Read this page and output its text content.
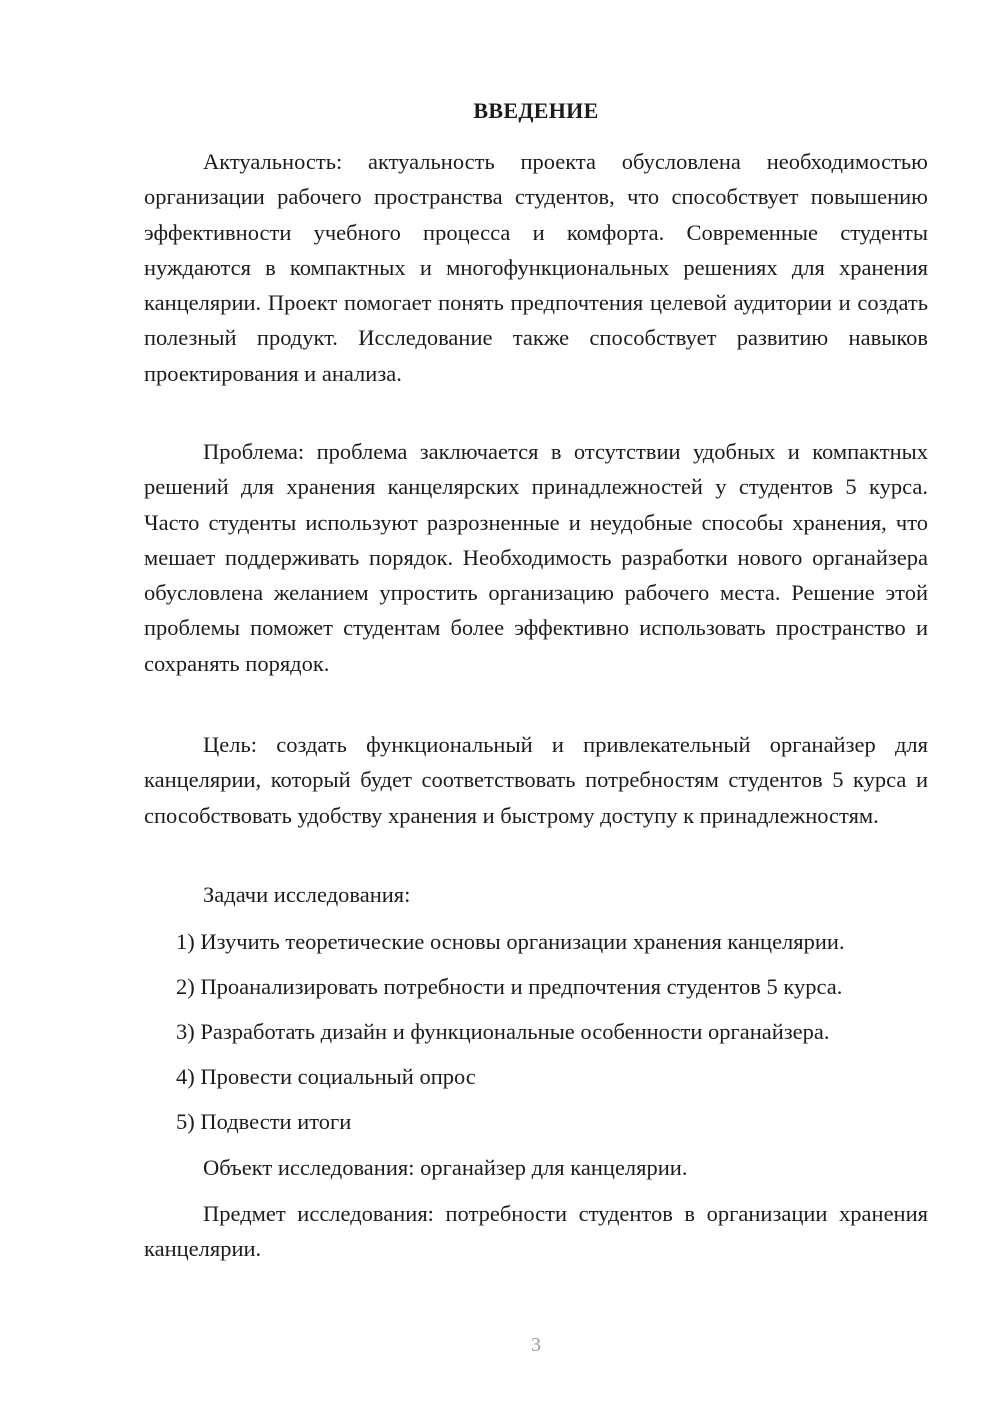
ВВЕДЕНИЕ

Актуальность: актуальность проекта обусловлена необходимостью организации рабочего пространства студентов, что способствует повышению эффективности учебного процесса и комфорта. Современные студенты нуждаются в компактных и многофункциональных решениях для хранения канцелярии. Проект помогает понять предпочтения целевой аудитории и создать полезный продукт. Исследование также способствует развитию навыков проектирования и анализа.

Проблема: проблема заключается в отсутствии удобных и компактных решений для хранения канцелярских принадлежностей у студентов 5 курса. Часто студенты используют разрозненные и неудобные способы хранения, что мешает поддерживать порядок. Необходимость разработки нового органайзера обусловлена желанием упростить организацию рабочего места. Решение этой проблемы поможет студентам более эффективно использовать пространство и сохранять порядок.

Цель: создать функциональный и привлекательный органайзер для канцелярии, который будет соответствовать потребностям студентов 5 курса и способствовать удобству хранения и быстрому доступу к принадлежностям.

Задачи исследования:

1) Изучить теоретические основы организации хранения канцелярии.

2) Проанализировать потребности и предпочтения студентов 5 курса.

3) Разработать дизайн и функциональные особенности органайзера.

4) Провести социальный опрос

5) Подвести итоги

Объект исследования: органайзер для канцелярии.

Предмет исследования: потребности студентов в организации хранения канцелярии.

3
